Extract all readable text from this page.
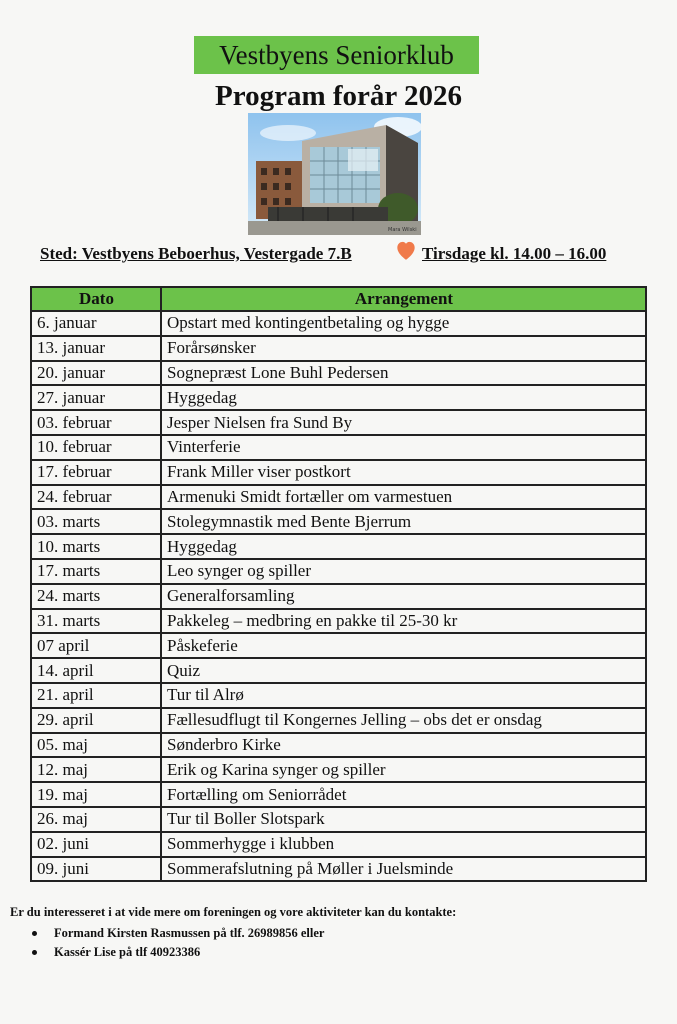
Vestbyens Seniorklub
Program forår 2026
Mara Wilski
Sted: Vestbyens Beboerhus, Vestergade 7.B	Tirsdage kl. 14.00 – 16.00
Dato	Arrangement
6. januar	Opstart med kontingentbetaling og hygge
13. januar	Forårsønsker
20. januar	Sognepræst Lone Buhl Pedersen
27. januar	Hyggedag
03. februar	Jesper Nielsen fra Sund By
10. februar	Vinterferie
17. februar	Frank Miller viser postkort
24. februar	Armenuki Smidt fortæller om varmestuen
03. marts	Stolegymnastik med Bente Bjerrum
10. marts	Hyggedag
17. marts	Leo synger og spiller
24. marts	Generalforsamling
31. marts	Pakkeleg – medbring en pakke til 25-30 kr
07 april	Påskeferie
14. april	Quiz
21. april	Tur til Alrø
29. april	Fællesudflugt til Kongernes Jelling – obs det er onsdag
05. maj	Sønderbro Kirke
12. maj	Erik og Karina synger og spiller
19. maj	Fortælling om Seniorrådet
26. maj	Tur til Boller Slotspark
02. juni	Sommerhygge i klubben
09. juni	Sommerafslutning på Møller i Juelsminde

Er du interesseret i at vide mere om foreningen og vore aktiviteter kan du kontakte:

Formand Kirsten Rasmussen på tlf. 26989856 eller
Kassér Lise på tlf 40923386
